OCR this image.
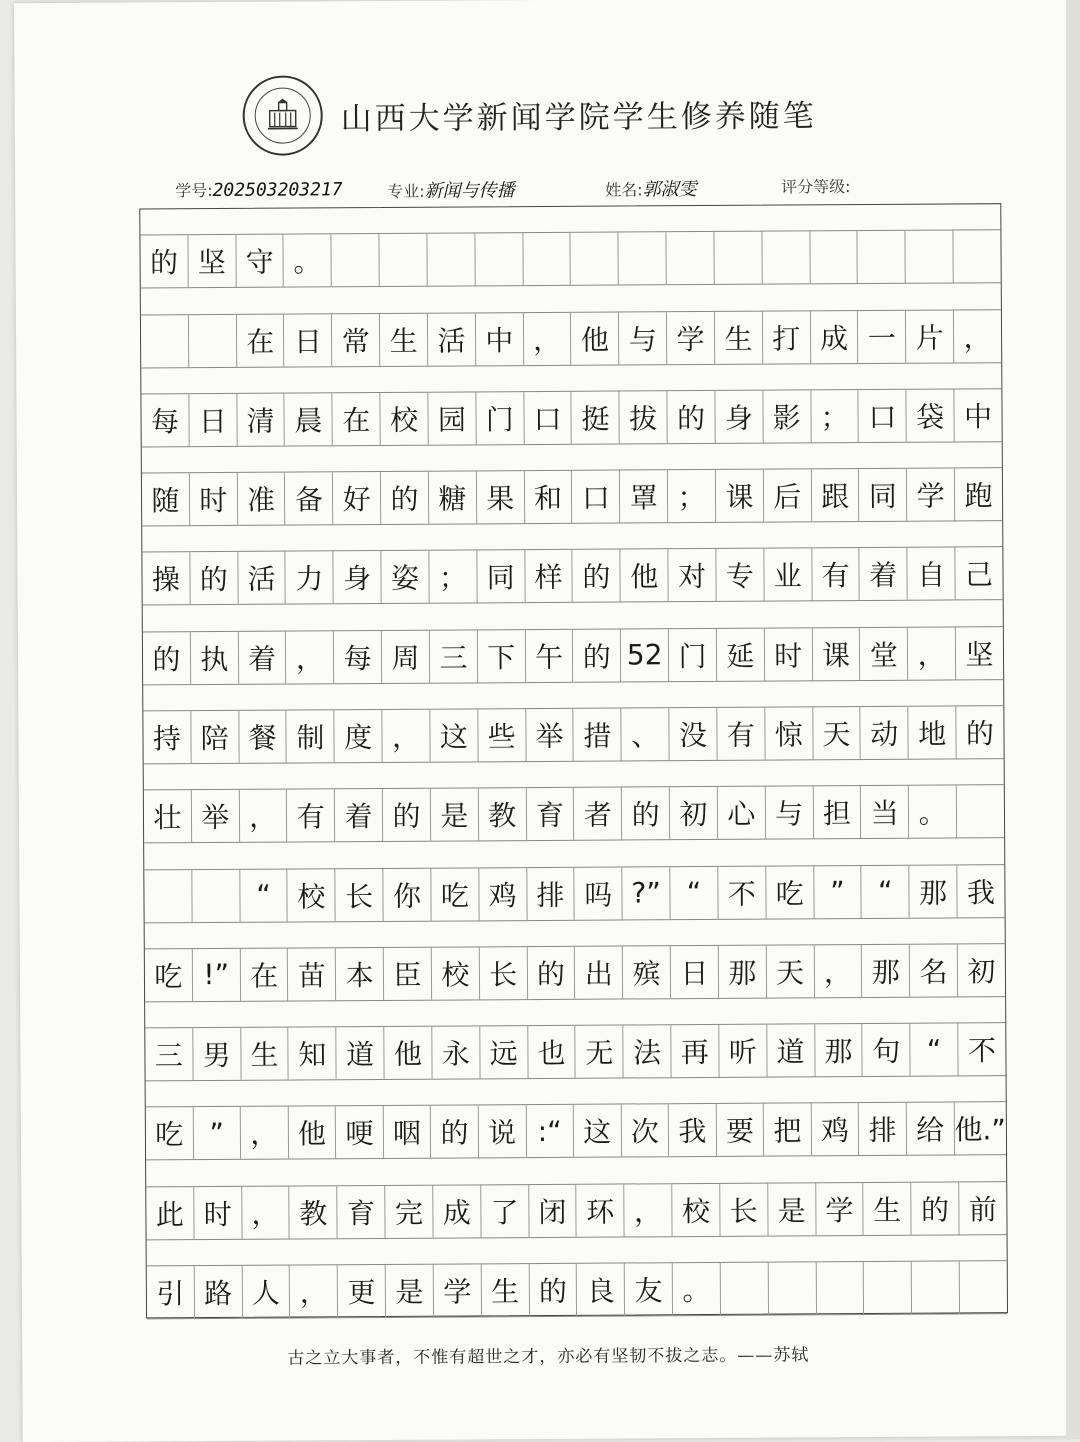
山西大学新闻学院学生修养随笔
学号:202503203217	专业:新闻与传播	姓名:郭淑雯	评分等级:
的 坚 守 。
在 日 常 生 活 中 ， 他 与 学 生 打 成 一 片 ，
每 日 清 晨 在 校 园 门 口 挺 拔 的 身 影 ； 口 袋 中
随 时 准 备 好 的 糖 果 和 口 罩 ； 课 后 跟 同 学 跑
操 的 活 力 身 姿 ； 同 样 的 他 对 专 业 有 着 自 己
的 执 着 ， 每 周 三 下 午 的 52 门 延 时 课 堂 ， 坚
持 陪 餐 制 度 ， 这 些 举 措 、 没 有 惊 天 动 地 的
壮 举 ， 有 着 的 是 教 育 者 的 初 心 与 担 当 。
“ 校 长 你 吃 鸡 排 吗 ?” “ 不 吃 ”	“ 那 我
吃 !” 在 苗 本 臣 校 长 的 出 殡 日 那 天 ， 那 名 初
三 男 生 知 道 他 永 远 也 无 法 再 听 道 那 句 “ 不
吃 ” ， 他 哽 咽 的 说 :“ 这 次 我 要 把 鸡 排 给 他.”
此 时 ， 教 育 完 成 了 闭 环 ， 校 长 是 学 生 的 前
引 路 人 ， 更 是 学 生 的 良 友 。
古之立大事者，不惟有超世之才，亦必有坚韧不拔之志。——苏轼
